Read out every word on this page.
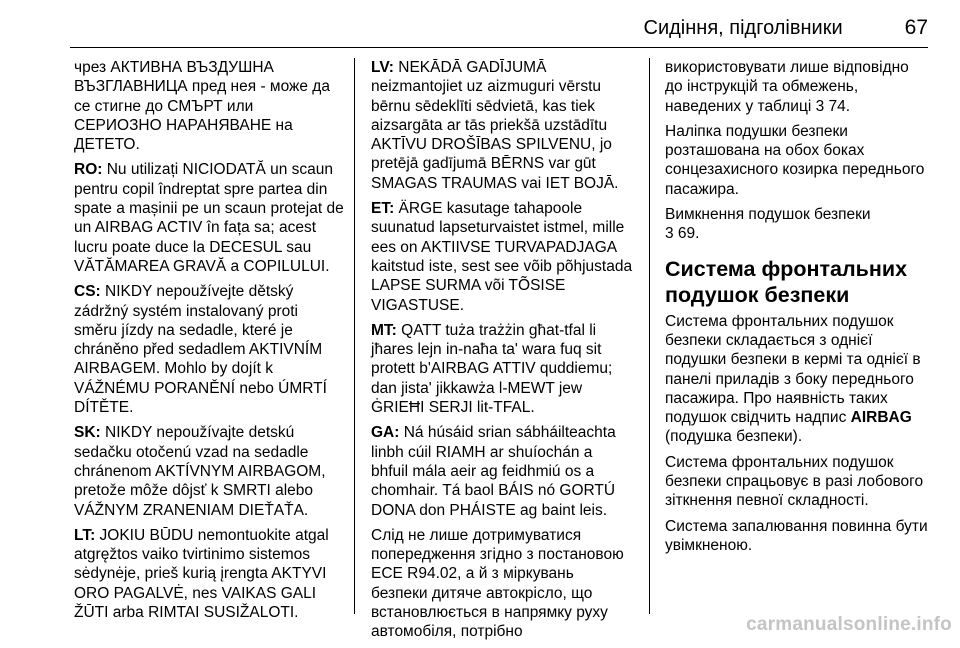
Сидіння, підголівники	67

чрез АКТИВНА ВЪЗДУШНА ВЪЗГЛАВНИЦА пред нея - може да се стигне до СМЪРТ или СЕРИОЗНО НАРАНЯВАНЕ на ДЕТЕТО.

RO: Nu utilizați NICIODATĂ un scaun pentru copil îndreptat spre partea din spate a mașinii pe un scaun protejat de un AIRBAG ACTIV în fața sa; acest lucru poate duce la DECESUL sau VĂTĂMAREA GRAVĂ a COPILULUI.

CS: NIKDY nepoužívejte dětský zádržný systém instalovaný proti směru jízdy na sedadle, které je chráněno před sedadlem AKTIVNÍM AIRBAGEM. Mohlo by dojít k VÁŽNÉMU PORANĚNÍ nebo ÚMRTÍ DÍTĚTE.

SK: NIKDY nepoužívajte detskú sedačku otočenú vzad na sedadle chránenom AKTÍVNYM AIRBAGOM, pretože môže dôjsť k SMRTI alebo VÁŽNYM ZRANENIAM DIEŤAŤA.

LT: JOKIU BŪDU nemontuokite atgal atgręžtos vaiko tvirtinimo sistemos sėdynėje, prieš kurią įrengta AKTYVI ORO PAGALVĖ, nes VAIKAS GALI ŽŪTI arba RIMTAI SUSIŽALOTI.

LV: NEKĀDĀ GADĪJUMĀ neizmantojiet uz aizmuguri vērstu bērnu sēdeklīti sēdvietā, kas tiek aizsargāta ar tās priekšā uzstādītu AKTĪVU DROŠĪBAS SPILVENU, jo pretējā gadījumā BĒRNS var gūt SMAGAS TRAUMAS vai IET BOJĀ.

ET: ÄRGE kasutage tahapoole suunatud lapseturvaistet istmel, mille ees on AKTIIVSE TURVAPADJAGA kaitstud iste, sest see võib põhjustada LAPSE SURMA või TÕSISE VIGASTUSE.

MT: QATT tuża trażżin għat-tfal li jħares lejn in-naħa ta' wara fuq sit protett b'AIRBAG ATTIV quddiemu; dan jista' jikkawża l-MEWT jew ĠRIEĦI SERJI lit-TFAL.

GA: Ná húsáid srian sábháilteachta linbh cúil RIAMH ar shuíochán a bhfuil mála aeir ag feidhmiú os a chomhair. Tá baol BÁIS nó GORTÚ DONA don PHÁISTE ag baint leis.

Слід не лише дотримуватися попередження згідно з постановою ECE R94.02, а й з міркувань безпеки дитяче автокрісло, що встановлюється в напрямку руху автомобіля, потрібно

використовувати лише відповідно до інструкцій та обмежень, наведених у таблиці 3 74.

Наліпка подушки безпеки розташована на обох боках сонцезахисного козирка переднього пасажира.

Вимкнення подушок безпеки
3 69.

Система фронтальних подушок безпеки

Система фронтальних подушок безпеки складається з однієї подушки безпеки в кермі та однієї в панелі приладів з боку переднього пасажира. Про наявність таких подушок свідчить надпис AIRBAG (подушка безпеки).

Система фронтальних подушок безпеки спрацьовує в разі лобового зіткнення певної складності.

Система запалювання повинна бути увімкненою.

carmanualsonline.info
